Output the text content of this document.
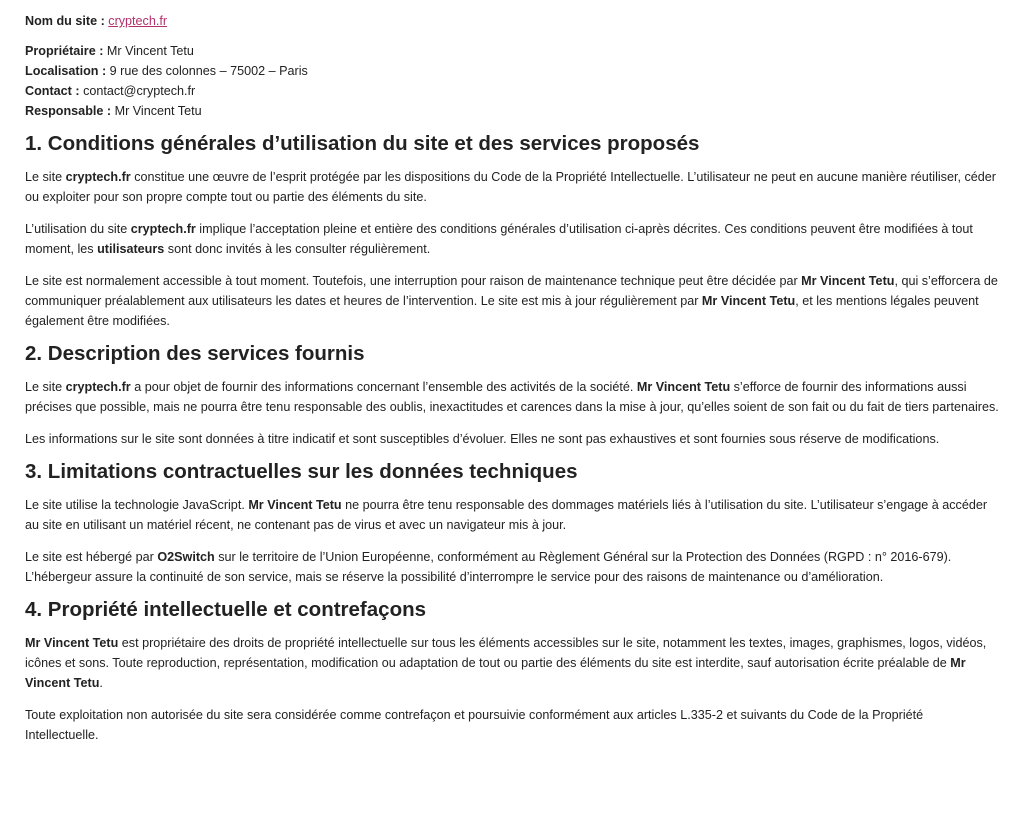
Nom du site : cryptech.fr

Propriétaire : Mr Vincent Tetu

Localisation : 9 rue des colonnes – 75002 – Paris

Contact : contact@cryptech.fr

Responsable : Mr Vincent Tetu

1. Conditions générales d’utilisation du site et des services proposés

Le site cryptech.fr constitue une œuvre de l’esprit protégée par les dispositions du Code de la Propriété Intellectuelle. L’utilisateur ne peut en aucune manière réutiliser, céder ou exploiter pour son propre compte tout ou partie des éléments du site.

L’utilisation du site cryptech.fr implique l’acceptation pleine et entière des conditions générales d’utilisation ci-après décrites. Ces conditions peuvent être modifiées à tout moment, les utilisateurs sont donc invités à les consulter régulièrement.

Le site est normalement accessible à tout moment. Toutefois, une interruption pour raison de maintenance technique peut être décidée par Mr Vincent Tetu, qui s’efforcera de communiquer préalablement aux utilisateurs les dates et heures de l’intervention. Le site est mis à jour régulièrement par Mr Vincent Tetu, et les mentions légales peuvent également être modifiées.

2. Description des services fournis

Le site cryptech.fr a pour objet de fournir des informations concernant l’ensemble des activités de la société. Mr Vincent Tetu s’efforce de fournir des informations aussi précises que possible, mais ne pourra être tenu responsable des oublis, inexactitudes et carences dans la mise à jour, qu’elles soient de son fait ou du fait de tiers partenaires.

Les informations sur le site sont données à titre indicatif et sont susceptibles d’évoluer. Elles ne sont pas exhaustives et sont fournies sous réserve de modifications.

3. Limitations contractuelles sur les données techniques

Le site utilise la technologie JavaScript. Mr Vincent Tetu ne pourra être tenu responsable des dommages matériels liés à l’utilisation du site. L’utilisateur s’engage à accéder au site en utilisant un matériel récent, ne contenant pas de virus et avec un navigateur mis à jour.

Le site est hébergé par O2Switch sur le territoire de l’Union Européenne, conformément au Règlement Général sur la Protection des Données (RGPD : n° 2016-679). L’hébergeur assure la continuité de son service, mais se réserve la possibilité d’interrompre le service pour des raisons de maintenance ou d’amélioration.

4. Propriété intellectuelle et contrefaçons

Mr Vincent Tetu est propriétaire des droits de propriété intellectuelle sur tous les éléments accessibles sur le site, notamment les textes, images, graphismes, logos, vidéos, icônes et sons. Toute reproduction, représentation, modification ou adaptation de tout ou partie des éléments du site est interdite, sauf autorisation écrite préalable de Mr Vincent Tetu.

Toute exploitation non autorisée du site sera considérée comme contrefaçon et poursuivie conformément aux articles L.335-2 et suivants du Code de la Propriété Intellectuelle.
